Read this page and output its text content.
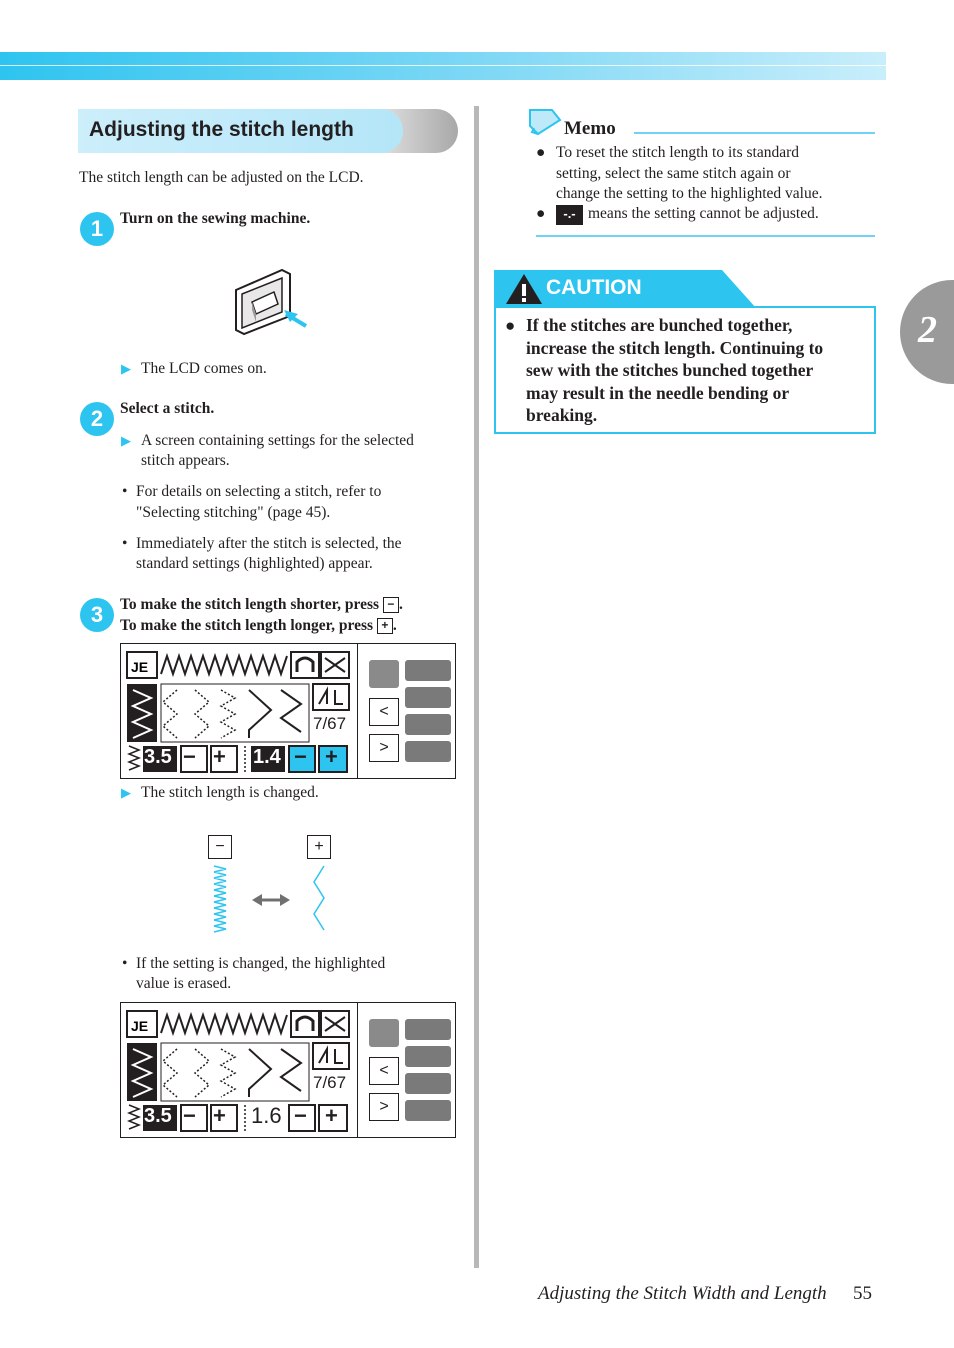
2
Adjusting the stitch length
The stitch length can be adjusted on the LCD.
1	Turn on the sewing machine.
▶ The LCD comes on.
2	Select a stitch.
▶ A screen containing settings for the selected
stitch appears.
• For details on selecting a stitch, refer to
"Selecting stitching" (page 45).
• Immediately after the stitch is selected, the
standard settings (highlighted) appear.
3	To make the stitch length shorter, press − .
To make the stitch length longer, press + .
JE
7/67
3.5 − + 1.4 − +
<
>
▶ The stitch length is changed.
−	+
• If the setting is changed, the highlighted
value is erased.
JE
7/67
3.5 − + 1.6 − +
<
>
Memo
● To reset the stitch length to its standard
setting, select the same stitch again or
change the setting to the highlighted value.
●	-.- means the setting cannot be adjusted.
CAUTION
● If the stitches are bunched together,
increase the stitch length. Continuing to
sew with the stitches bunched together
may result in the needle bending or
breaking.
Adjusting the Stitch Width and Length 55
